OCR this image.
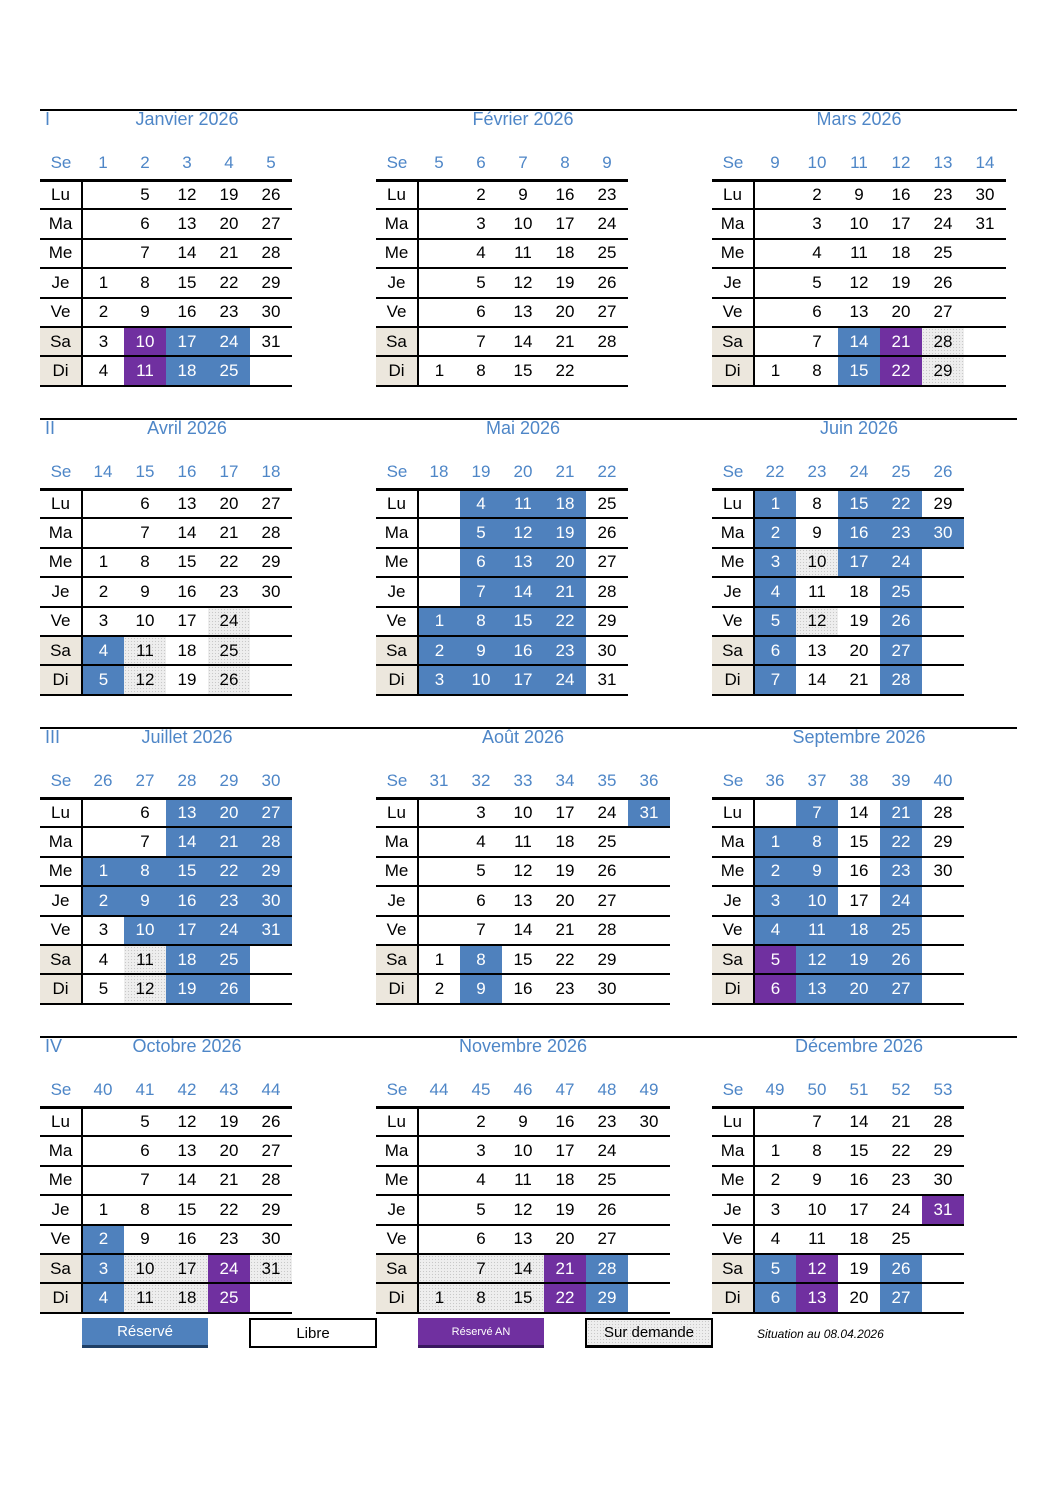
I
II
III
IV
Janvier 2026
Se	1	2	3	4	5
Lu		5	12	19	26
Ma		6	13	20	27
Me		7	14	21	28
Je	1	8	15	22	29
Ve	2	9	16	23	30
Sa	3	10	17	24	31
Di	4	11	18	25	
Février 2026
Se	5	6	7	8	9
Lu		2	9	16	23
Ma		3	10	17	24
Me		4	11	18	25
Je		5	12	19	26
Ve		6	13	20	27
Sa		7	14	21	28
Di	1	8	15	22	
Mars 2026
Se	9	10	11	12	13	14
Lu		2	9	16	23	30
Ma		3	10	17	24	31
Me		4	11	18	25	
Je		5	12	19	26	
Ve		6	13	20	27	
Sa		7	14	21	28	
Di	1	8	15	22	29	
Avril 2026
Se	14	15	16	17	18
Lu		6	13	20	27
Ma		7	14	21	28
Me	1	8	15	22	29
Je	2	9	16	23	30
Ve	3	10	17	24	
Sa	4	11	18	25	
Di	5	12	19	26	
Mai 2026
Se	18	19	20	21	22
Lu		4	11	18	25
Ma		5	12	19	26
Me		6	13	20	27
Je		7	14	21	28
Ve	1	8	15	22	29
Sa	2	9	16	23	30
Di	3	10	17	24	31
Juin 2026
Se	22	23	24	25	26
Lu	1	8	15	22	29
Ma	2	9	16	23	30
Me	3	10	17	24	
Je	4	11	18	25	
Ve	5	12	19	26	
Sa	6	13	20	27	
Di	7	14	21	28	
Juillet 2026
Se	26	27	28	29	30
Lu		6	13	20	27
Ma		7	14	21	28
Me	1	8	15	22	29
Je	2	9	16	23	30
Ve	3	10	17	24	31
Sa	4	11	18	25	
Di	5	12	19	26	
Août 2026
Se	31	32	33	34	35	36
Lu		3	10	17	24	31
Ma		4	11	18	25	
Me		5	12	19	26	
Je		6	13	20	27	
Ve		7	14	21	28	
Sa	1	8	15	22	29	
Di	2	9	16	23	30	
Septembre 2026
Se	36	37	38	39	40
Lu		7	14	21	28
Ma	1	8	15	22	29
Me	2	9	16	23	30
Je	3	10	17	24	
Ve	4	11	18	25	
Sa	5	12	19	26	
Di	6	13	20	27	
Octobre 2026
Se	40	41	42	43	44
Lu		5	12	19	26
Ma		6	13	20	27
Me		7	14	21	28
Je	1	8	15	22	29
Ve	2	9	16	23	30
Sa	3	10	17	24	31
Di	4	11	18	25	
Novembre 2026
Se	44	45	46	47	48	49
Lu		2	9	16	23	30
Ma		3	10	17	24	
Me		4	11	18	25	
Je		5	12	19	26	
Ve		6	13	20	27	
Sa		7	14	21	28	
Di	1	8	15	22	29	
Décembre 2026
Se	49	50	51	52	53
Lu		7	14	21	28
Ma	1	8	15	22	29
Me	2	9	16	23	30
Je	3	10	17	24	31
Ve	4	11	18	25	
Sa	5	12	19	26	
Di	6	13	20	27	
Réservé	Libre	Réservé AN	Sur demande	Situation au 08.04.2026
